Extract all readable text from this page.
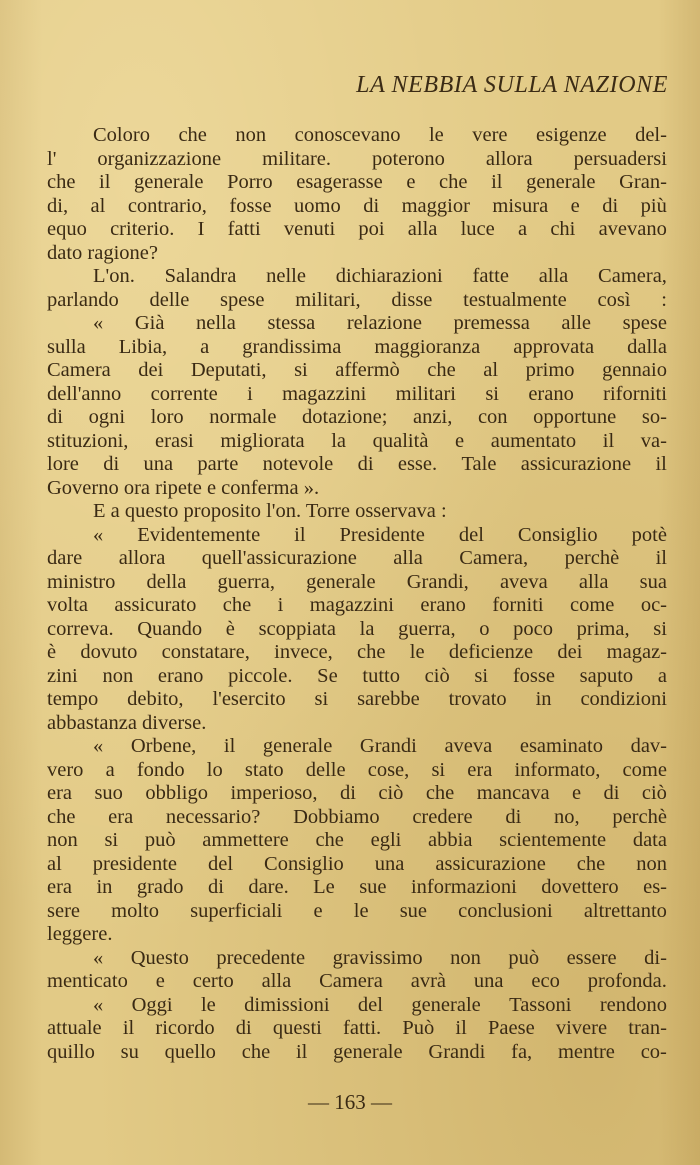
LA NEBBIA SULLA NAZIONE
Coloro che non conoscevano le vere esigenze del-
l' organizzazione militare. poterono allora persuadersi
che il generale Porro esagerasse e che il generale Gran-
di, al contrario, fosse uomo di maggior misura e di più
equo criterio. I fatti venuti poi alla luce a chi avevano
dato ragione?
L'on. Salandra nelle dichiarazioni fatte alla Camera,
parlando delle spese militari, disse testualmente così :
« Già nella stessa relazione premessa alle spese
sulla Libia, a grandissima maggioranza approvata dalla
Camera dei Deputati, si affermò che al primo gennaio
dell'anno corrente i magazzini militari si erano riforniti
di ogni loro normale dotazione; anzi, con opportune so-
stituzioni, erasi migliorata la qualità e aumentato il va-
lore di una parte notevole di esse. Tale assicurazione il
Governo ora ripete e conferma ».
E a questo proposito l'on. Torre osservava :
« Evidentemente il Presidente del Consiglio potè
dare allora quell'assicurazione alla Camera, perchè il
ministro della guerra, generale Grandi, aveva alla sua
volta assicurato che i magazzini erano forniti come oc-
correva. Quando è scoppiata la guerra, o poco prima, si
è dovuto constatare, invece, che le deficienze dei magaz-
zini non erano piccole. Se tutto ciò si fosse saputo a
tempo debito, l'esercito si sarebbe trovato in condizioni
abbastanza diverse.
« Orbene, il generale Grandi aveva esaminato dav-
vero a fondo lo stato delle cose, si era informato, come
era suo obbligo imperioso, di ciò che mancava e di ciò
che era necessario? Dobbiamo credere di no, perchè
non si può ammettere che egli abbia scientemente data
al presidente del Consiglio una assicurazione che non
era in grado di dare. Le sue informazioni dovettero es-
sere molto superficiali e le sue conclusioni altrettanto
leggere.
« Questo precedente gravissimo non può essere di-
menticato e certo alla Camera avrà una eco profonda.
« Oggi le dimissioni del generale Tassoni rendono
attuale il ricordo di questi fatti. Può il Paese vivere tran-
quillo su quello che il generale Grandi fa, mentre co-
— 163 —
